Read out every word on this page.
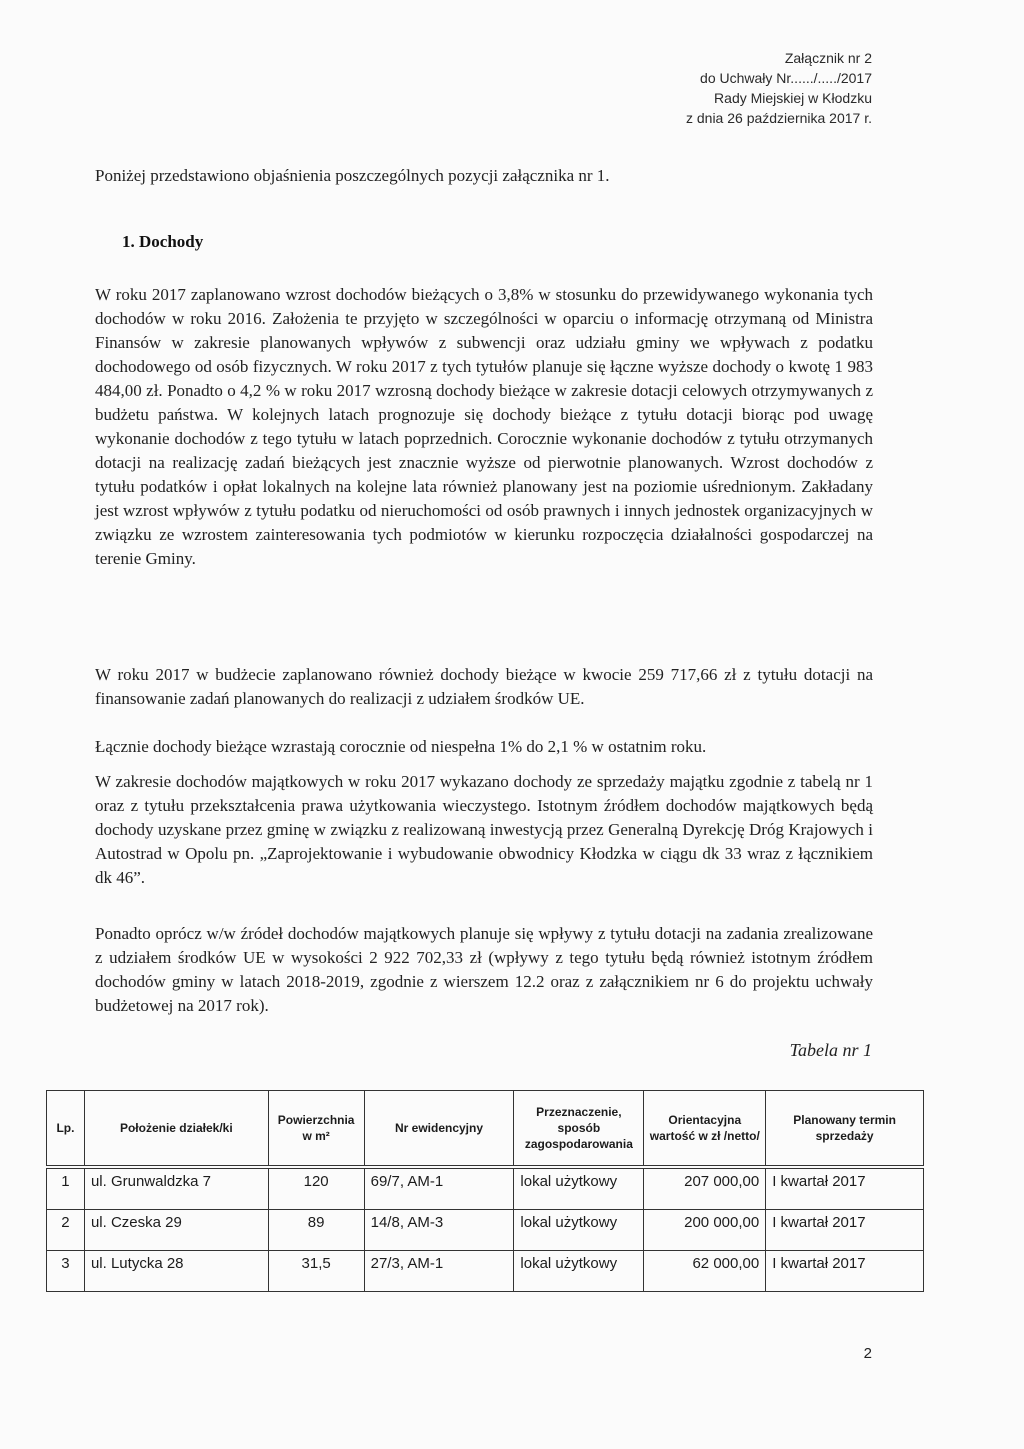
Załącznik nr 2
do Uchwały Nr....../...../2017
Rady Miejskiej w Kłodzku
z dnia 26 października 2017 r.
Poniżej przedstawiono objaśnienia poszczególnych pozycji załącznika nr 1.
1. Dochody

W roku 2017 zaplanowano wzrost dochodów bieżących o 3,8% w stosunku do przewidywanego wykonania tych dochodów w roku 2016. Założenia te przyjęto w szczególności w oparciu o informację otrzymaną od Ministra Finansów w zakresie planowanych wpływów z subwencji oraz udziału gminy we wpływach z podatku dochodowego od osób fizycznych. W roku 2017 z tych tytułów planuje się łączne wyższe dochody o kwotę 1 983 484,00 zł. Ponadto o 4,2 % w roku 2017 wzrosną dochody bieżące w zakresie dotacji celowych otrzymywanych z budżetu państwa. W kolejnych latach prognozuje się dochody bieżące z tytułu dotacji biorąc pod uwagę wykonanie dochodów z tego tytułu w latach poprzednich. Corocznie wykonanie dochodów z tytułu otrzymanych dotacji na realizację zadań bieżących jest znacznie wyższe od pierwotnie planowanych. Wzrost dochodów z tytułu podatków i opłat lokalnych na kolejne lata również planowany jest na poziomie uśrednionym. Zakładany jest wzrost wpływów z tytułu podatku od nieruchomości od osób prawnych i innych jednostek organizacyjnych w związku ze wzrostem zainteresowania tych podmiotów w kierunku rozpoczęcia działalności gospodarczej na terenie Gminy.

W roku 2017 w budżecie zaplanowano również dochody bieżące w kwocie 259 717,66 zł z tytułu dotacji na finansowanie zadań planowanych do realizacji z udziałem środków UE.

Łącznie dochody bieżące wzrastają corocznie od niespełna 1% do 2,1 % w ostatnim roku.

W zakresie dochodów majątkowych w roku 2017 wykazano dochody ze sprzedaży majątku zgodnie z tabelą nr 1 oraz z tytułu przekształcenia prawa użytkowania wieczystego. Istotnym źródłem dochodów majątkowych będą dochody uzyskane przez gminę w związku z realizowaną inwestycją przez Generalną Dyrekcję Dróg Krajowych i Autostrad w Opolu pn. „Zaprojektowanie i wybudowanie obwodnicy Kłodzka w ciągu dk 33 wraz z łącznikiem dk 46”.

Ponadto oprócz w/w źródeł dochodów majątkowych planuje się wpływy z tytułu dotacji na zadania zrealizowane z udziałem środków UE w wysokości 2 922 702,33 zł (wpływy z tego tytułu będą również istotnym źródłem dochodów gminy w latach 2018-2019, zgodnie z wierszem 12.2 oraz z załącznikiem nr 6 do projektu uchwały budżetowej na 2017 rok).

Tabela nr 1
Lp.	Położenie działek/ki	Powierzchnia w m²	Nr ewidencyjny	Przeznaczenie, sposób zagospodarowania	Orientacyjna wartość w zł /netto/	Planowany termin sprzedaży

1	ul. Grunwaldzka 7	120	69/7, AM-1	lokal użytkowy	207 000,00	I kwartał 2017
2	ul. Czeska 29	89	14/8, AM-3	lokal użytkowy	200 000,00	I kwartał 2017
3	ul. Lutycka 28	31,5	27/3, AM-1	lokal użytkowy	62 000,00	I kwartał 2017
2
